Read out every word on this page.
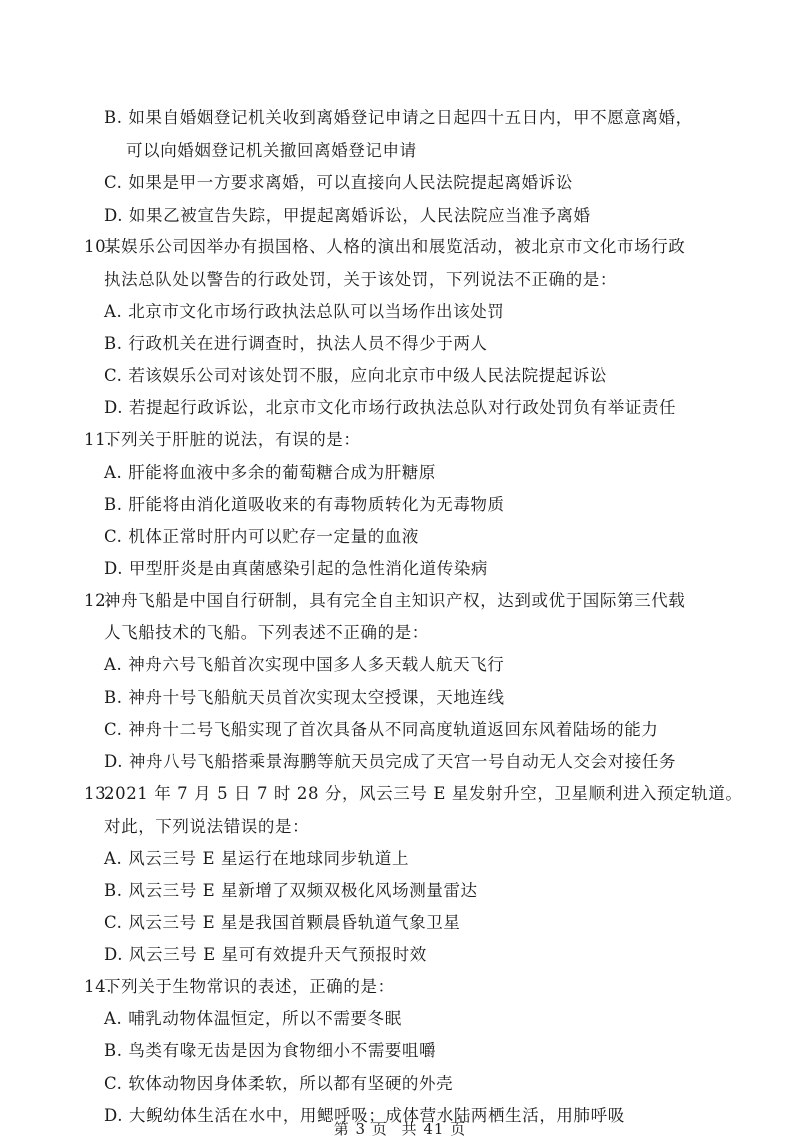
B. 如果自婚姻登记机关收到离婚登记申请之日起四十五日内，甲不愿意离婚，
可以向婚姻登记机关撤回离婚登记申请
C. 如果是甲一方要求离婚，可以直接向人民法院提起离婚诉讼
D. 如果乙被宣告失踪，甲提起离婚诉讼，人民法院应当准予离婚
10.
某娱乐公司因举办有损国格、人格的演出和展览活动，被北京市文化市场行政
执法总队处以警告的行政处罚，关于该处罚，下列说法不正确的是：
A. 北京市文化市场行政执法总队可以当场作出该处罚
B. 行政机关在进行调查时，执法人员不得少于两人
C. 若该娱乐公司对该处罚不服，应向北京市中级人民法院提起诉讼
D. 若提起行政诉讼，北京市文化市场行政执法总队对行政处罚负有举证责任
11.
下列关于肝脏的说法，有误的是：
A. 肝能将血液中多余的葡萄糖合成为肝糖原
B. 肝能将由消化道吸收来的有毒物质转化为无毒物质
C. 机体正常时肝内可以贮存一定量的血液
D. 甲型肝炎是由真菌感染引起的急性消化道传染病
12.
神舟飞船是中国自行研制，具有完全自主知识产权，达到或优于国际第三代载
人飞船技术的飞船。下列表述不正确的是：
A. 神舟六号飞船首次实现中国多人多天载人航天飞行
B. 神舟十号飞船航天员首次实现太空授课，天地连线
C. 神舟十二号飞船实现了首次具备从不同高度轨道返回东风着陆场的能力
D. 神舟八号飞船搭乘景海鹏等航天员完成了天宫一号自动无人交会对接任务
13.
2021 年 7 月 5 日 7 时 28 分，风云三号 E 星发射升空，卫星顺利进入预定轨道。
对此，下列说法错误的是：
A. 风云三号 E 星运行在地球同步轨道上
B. 风云三号 E 星新增了双频双极化风场测量雷达
C. 风云三号 E 星是我国首颗晨昏轨道气象卫星
D. 风云三号 E 星可有效提升天气预报时效
14.
下列关于生物常识的表述，正确的是：
A. 哺乳动物体温恒定，所以不需要冬眠
B. 鸟类有喙无齿是因为食物细小不需要咀嚼
C. 软体动物因身体柔软，所以都有坚硬的外壳
D. 大鲵幼体生活在水中，用鳃呼吸；成体营水陆两栖生活，用肺呼吸
第 3 页 共 41 页
